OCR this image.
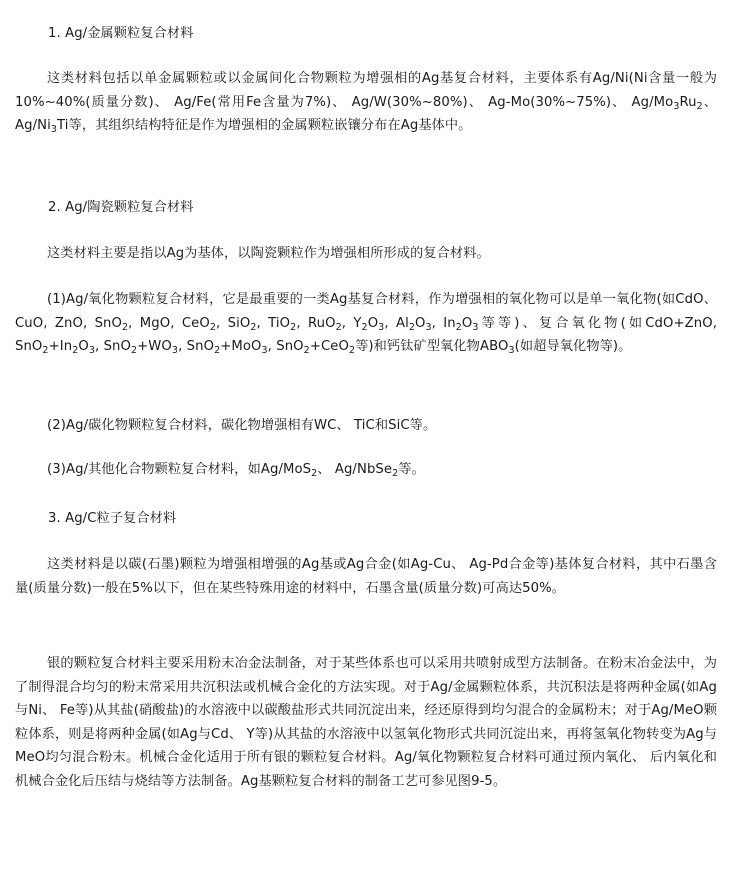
1. Ag/金属颗粒复合材料

这类材料包括以单金属颗粒或以金属间化合物颗粒为增强相的Ag基复合材料，主要体系有Ag/Ni(Ni含量一般为10%~40%(质量分数)、 Ag/Fe(常用Fe含量为7%)、 Ag/W(30%~80%)、 Ag-Mo(30%~75%)、 $Ag/Mo_3Ru_2$、 $Ag/Ni_3Ti$等，其组织结构特征是作为增强相的金属颗粒嵌镶分布在Ag基体中。

2. Ag/陶瓷颗粒复合材料

这类材料主要是指以Ag为基体，以陶瓷颗粒作为增强相所形成的复合材料。

(1)Ag/氧化物颗粒复合材料，它是最重要的一类Ag基复合材料，作为增强相的氧化物可以是单一氧化物(如CdO、 CuO, ZnO, SnO$_2$, MgO, CeO$_2$, SiO$_2$, TiO$_2$, RuO$_2$, $Y_2O_3$, $Al_2O_3$, $In_2O_3$等等)、复合氧化物(如CdO+ZnO, $SnO_2+In_2O_3$, $SnO_2+WO_3$, SnO$_2$+MoO$_3$, SnO$_2$+CeO$_2$等)和钙钛矿型氧化物$ABO_3$(如超导氧化物等)。

(2)Ag/碳化物颗粒复合材料，碳化物增强相有WC、 TiC和SiC等。

(3)Ag/其他化合物颗粒复合材料，如Ag/MoS$_2$、 Ag/NbSe$_2$等。

3. Ag/C粒子复合材料

这类材料是以碳(石墨)颗粒为增强相增强的Ag基或Ag合金(如Ag-Cu、 Ag-Pd合金等)基体复合材料，其中石墨含量(质量分数)一般在5%以下，但在某些特殊用途的材料中，石墨含量(质量分数)可高达50%。

银的颗粒复合材料主要采用粉末冶金法制备，对于某些体系也可以采用共喷射成型方法制备。在粉末冶金法中，为了制得混合均匀的粉末常采用共沉积法或机械合金化的方法实现。对于Ag/金属颗粒体系，共沉积法是将两种金属(如Ag与Ni、 Fe等)从其盐(硝酸盐)的水溶液中以碳酸盐形式共同沉淀出来，经还原得到均匀混合的金属粉末；对于Ag/MeO颗粒体系，则是将两种金属(如Ag与Cd、 Y等)从其盐的水溶液中以氢氧化物形式共同沉淀出来，再将氢氧化物转变为Ag与MeO均匀混合粉末。机械合金化适用于所有银的颗粒复合材料。Ag/氧化物颗粒复合材料可通过预内氧化、 后内氧化和机械合金化后压结与烧结等方法制备。Ag基颗粒复合材料的制备工艺可参见图9-5。
